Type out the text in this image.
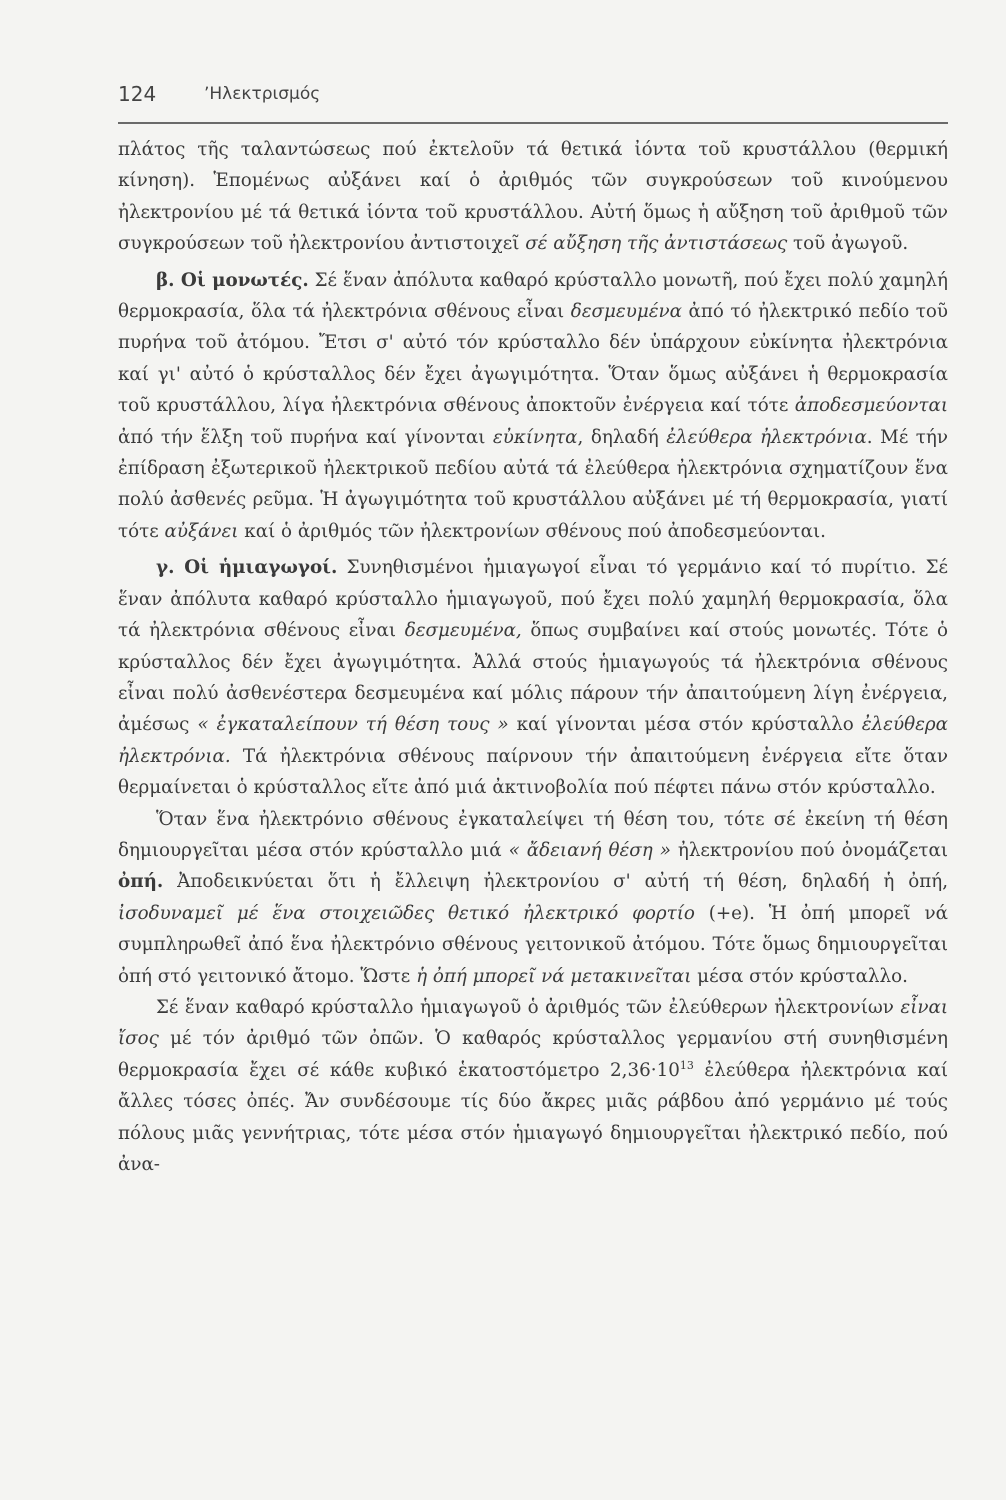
124	ʼΗλεκτρισμός

πλάτος τῆς ταλαντώσεως πού ἐκτελοῦν τά θετικά ἰόντα τοῦ κρυστάλλου (θερμική κίνηση). Ἑπομένως αὐξάνει καί ὁ ἀριθμός τῶν συγκρούσεων τοῦ κινούμενου ἠλεκτρονίου μέ τά θετικά ἰόντα τοῦ κρυστάλλου. Αὐτή ὅμως ἡ αὔξηση τοῦ ἀριθμοῦ τῶν συγκρούσεων τοῦ ἠλεκτρονίου ἀντιστοιχεῖ σέ αὔξηση τῆς ἀντιστάσεως τοῦ ἀγωγοῦ.

β. Οἱ μονωτές. Σέ ἕναν ἀπόλυτα καθαρό κρύσταλλο μονωτῆ, πού ἔχει πολύ χαμηλή θερμοκρασία, ὅλα τά ἠλεκτρόνια σθένους εἶναι δεσμευμένα ἀπό τό ἠλεκτρικό πεδίο τοῦ πυρήνα τοῦ ἀτόμου. Ἔτσι σ' αὐτό τόν κρύσταλλο δέν ὑπάρχουν εὐκίνητα ἠλεκτρόνια καί γι' αὐτό ὁ κρύσταλλος δέν ἔχει ἀγωγιμότητα. Ὅταν ὅμως αὐξάνει ἡ θερμοκρασία τοῦ κρυστάλλου, λίγα ἠλεκτρόνια σθένους ἀποκτοῦν ἐνέργεια καί τότε ἀποδεσμεύονται ἀπό τήν ἕλξη τοῦ πυρήνα καί γίνονται εὐκίνητα, δηλαδή ἐλεύθερα ἠλεκτρόνια. Μέ τήν ἐπίδραση ἐξωτερικοῦ ἠλεκτρικοῦ πεδίου αὐτά τά ἐλεύθερα ἠλεκτρόνια σχηματίζουν ἕνα πολύ ἀσθενές ρεῦμα. Ἡ ἀγωγιμότητα τοῦ κρυστάλλου αὐξάνει μέ τή θερμοκρασία, γιατί τότε αὐξάνει καί ὁ ἀριθμός τῶν ἠλεκτρονίων σθένους πού ἀποδεσμεύονται.

γ. Οἱ ἡμιαγωγοί. Συνηθισμένοι ἡμιαγωγοί εἶναι τό γερμάνιο καί τό πυρίτιο. Σέ ἕναν ἀπόλυτα καθαρό κρύσταλλο ἡμιαγωγοῦ, πού ἔχει πολύ χαμηλή θερμοκρασία, ὅλα τά ἠλεκτρόνια σθένους εἶναι δεσμευμένα, ὅπως συμβαίνει καί στούς μονωτές. Τότε ὁ κρύσταλλος δέν ἔχει ἀγωγιμότητα. Ἀλλά στούς ἡμιαγωγούς τά ἠλεκτρόνια σθένους εἶναι πολύ ἀσθενέστερα δεσμευμένα καί μόλις πάρουν τήν ἀπαιτούμενη λίγη ἐνέργεια, ἀμέσως « ἐγκαταλείπουν τή θέση τους » καί γίνονται μέσα στόν κρύσταλλο ἐλεύθερα ἠλεκτρόνια. Τά ἠλεκτρόνια σθένους παίρνουν τήν ἀπαιτούμενη ἐνέργεια εἴτε ὅταν θερμαίνεται ὁ κρύσταλλος εἴτε ἀπό μιά ἀκτινοβολία πού πέφτει πάνω στόν κρύσταλλο.

Ὅταν ἕνα ἠλεκτρόνιο σθένους ἐγκαταλείψει τή θέση του, τότε σέ ἐκείνη τή θέση δημιουργεῖται μέσα στόν κρύσταλλο μιά « ἄδειανή θέση » ἠλεκτρονίου πού ὀνομάζεται ὀπή. Ἀποδεικνύεται ὅτι ἡ ἔλλειψη ἠλεκτρονίου σ' αὐτή τή θέση, δηλαδή ἡ ὀπή, ἰσοδυναμεῖ μέ ἕνα στοιχειῶδες θετικό ἠλεκτρικό φορτίο (+e). Ἡ ὀπή μπορεῖ νά συμπληρωθεῖ ἀπό ἕνα ἠλεκτρόνιο σθένους γειτονικοῦ ἀτόμου. Τότε ὅμως δημιουργεῖται ὀπή στό γειτονικό ἄτομο. Ὥστε ἡ ὀπή μπορεῖ νά μετακινεῖται μέσα στόν κρύσταλλο.

Σέ ἕναν καθαρό κρύσταλλο ἡμιαγωγοῦ ὁ ἀριθμός τῶν ἐλεύθερων ἠλεκτρονίων εἶναι ἴσος μέ τόν ἀριθμό τῶν ὀπῶν. Ὁ καθαρός κρύσταλλος γερμανίου στή συνηθισμένη θερμοκρασία ἔχει σέ κάθε κυβικό ἑκατοστόμετρο $2,36\cdot 10^{13}$ ἐλεύθερα ἠλεκτρόνια καί ἄλλες τόσες ὀπές. Ἄν συνδέσουμε τίς δύο ἄκρες μιᾶς ράβδου ἀπό γερμάνιο μέ τούς πόλους μιᾶς γεννήτριας, τότε μέσα στόν ἡμιαγωγό δημιουργεῖται ἠλεκτρικό πεδίο, πού ἀνα-
